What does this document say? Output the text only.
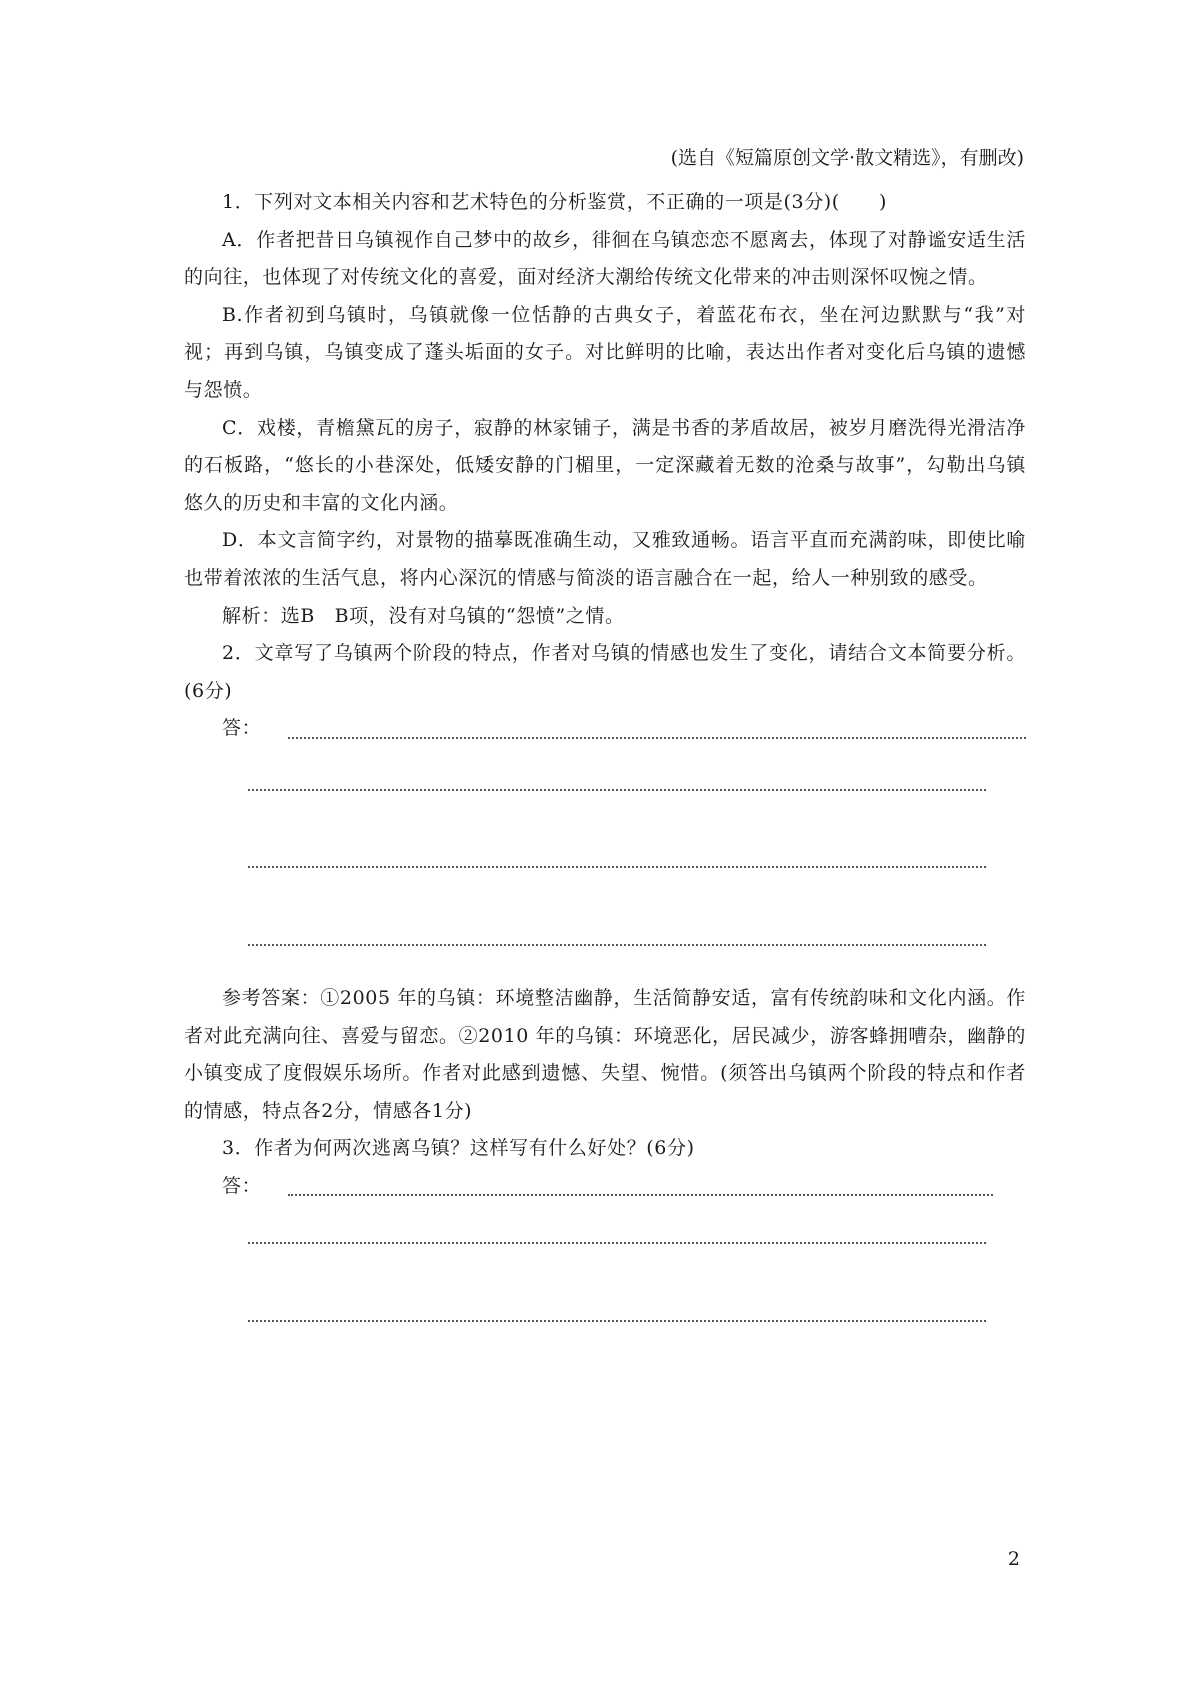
(选自《短篇原创文学·散文精选》，有删改)

1．下列对文本相关内容和艺术特色的分析鉴赏，不正确的一项是(3分)(　　)

A．作者把昔日乌镇视作自己梦中的故乡，徘徊在乌镇恋恋不愿离去，体现了对静谧安适生活的向往，也体现了对传统文化的喜爱，面对经济大潮给传统文化带来的冲击则深怀叹惋之情。

B.作者初到乌镇时，乌镇就像一位恬静的古典女子，着蓝花布衣，坐在河边默默与“我”对视；再到乌镇，乌镇变成了蓬头垢面的女子。对比鲜明的比喻，表达出作者对变化后乌镇的遗憾与怨愤。

C．戏楼，青檐黛瓦的房子，寂静的林家铺子，满是书香的茅盾故居，被岁月磨洗得光滑洁净的石板路，“悠长的小巷深处，低矮安静的门楣里，一定深藏着无数的沧桑与故事”，勾勒出乌镇悠久的历史和丰富的文化内涵。

D．本文言简字约，对景物的描摹既准确生动，又雅致通畅。语言平直而充满韵味，即使比喻也带着浓浓的生活气息，将内心深沉的情感与简淡的语言融合在一起，给人一种别致的感受。

解析：选B　B项，没有对乌镇的“怨愤”之情。

2．文章写了乌镇两个阶段的特点，作者对乌镇的情感也发生了变化，请结合文本简要分析。(6分)

答：

参考答案：①2005 年的乌镇：环境整洁幽静，生活简静安适，富有传统韵味和文化内涵。作者对此充满向往、喜爱与留恋。②2010 年的乌镇：环境恶化，居民减少，游客蜂拥嘈杂，幽静的小镇变成了度假娱乐场所。作者对此感到遗憾、失望、惋惜。(须答出乌镇两个阶段的特点和作者的情感，特点各2分，情感各1分)

3．作者为何两次逃离乌镇？这样写有什么好处？(6分)

答：
2
